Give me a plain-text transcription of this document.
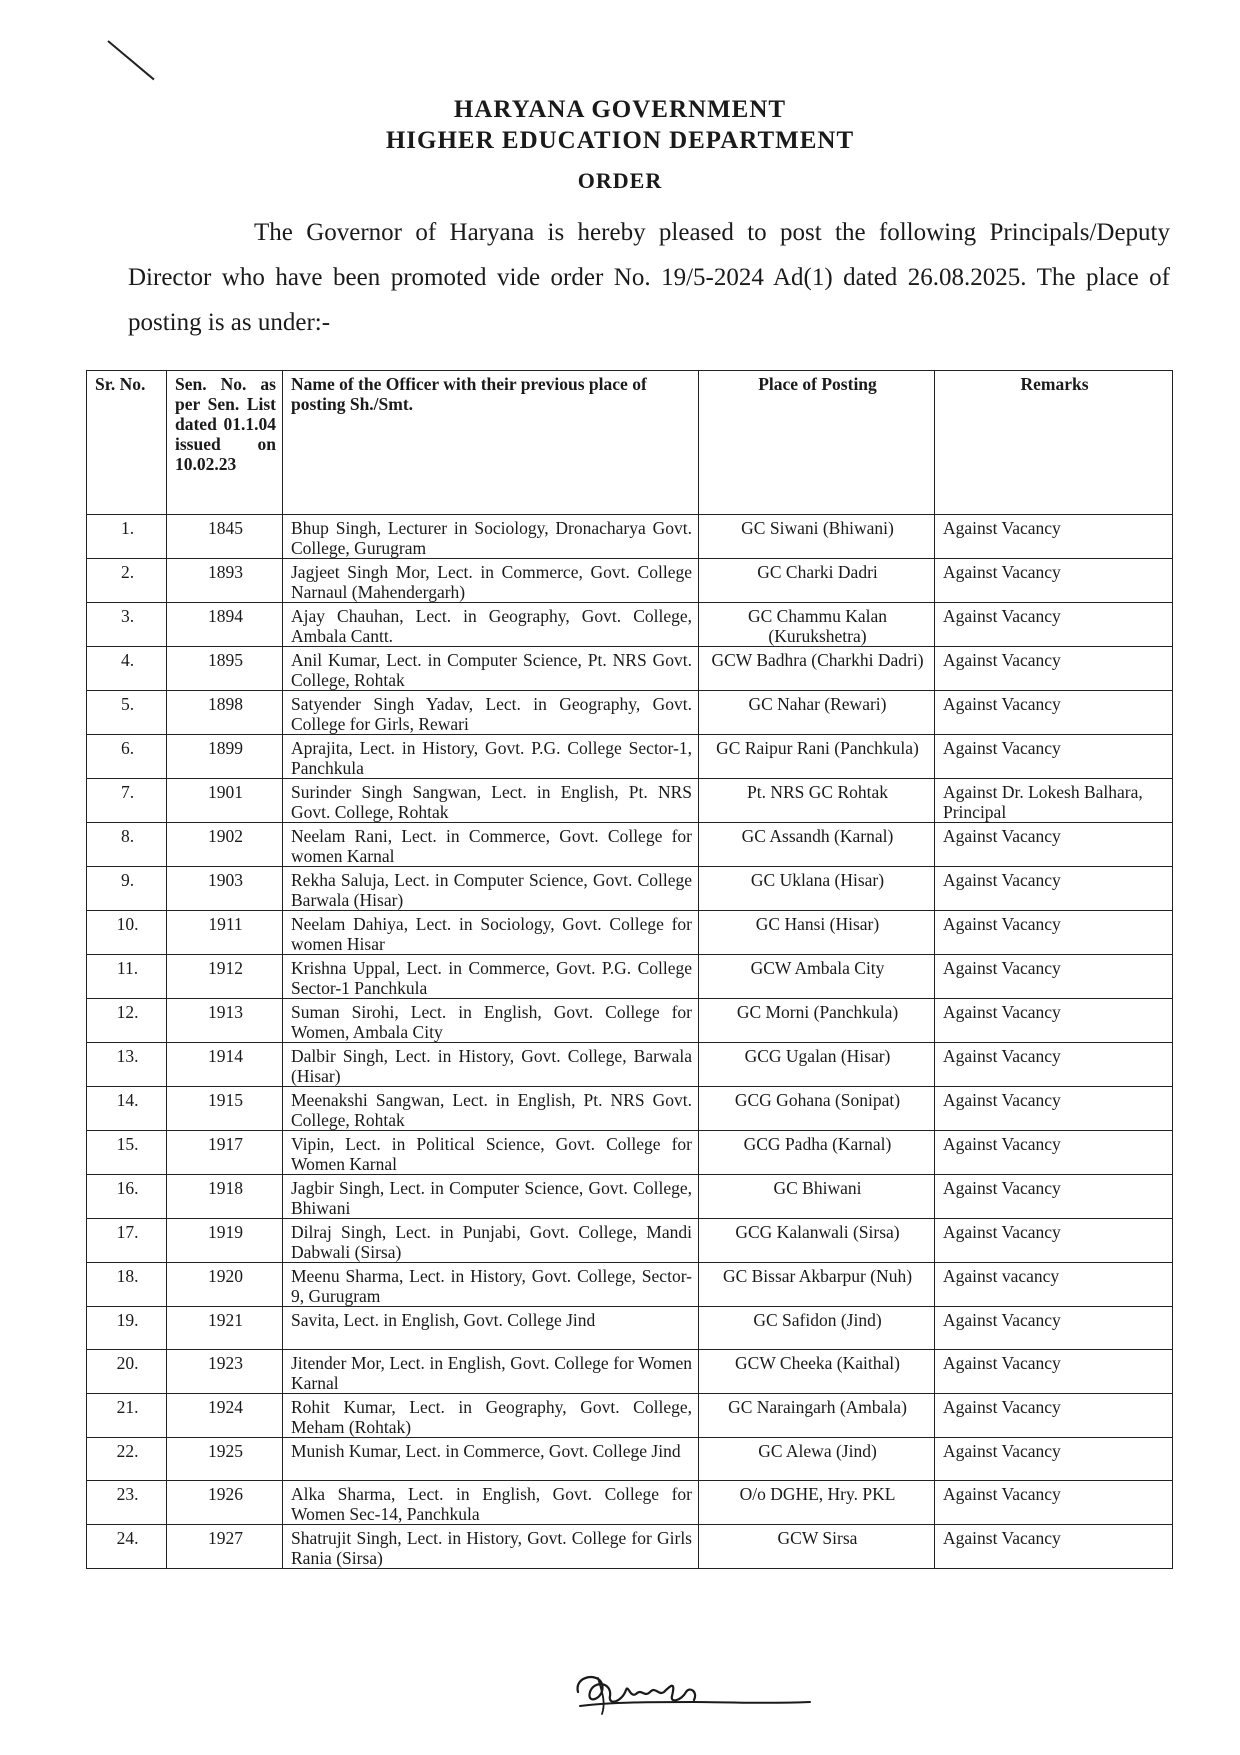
HARYANA GOVERNMENT
HIGHER EDUCATION DEPARTMENT
ORDER
The Governor of Haryana is hereby pleased to post the following Principals/Deputy Director who have been promoted vide order No. 19/5-2024 Ad(1) dated 26.08.2025. The place of posting is as under:-
Sr. No.	Sen. No. as per Sen. List dated 01.1.04 issued on 10.02.23	Name of the Officer with their previous place of posting Sh./Smt.	Place of Posting	Remarks
1.	1845	Bhup Singh, Lecturer in Sociology, Dronacharya Govt. College, Gurugram	GC Siwani (Bhiwani)	Against Vacancy
2.	1893	Jagjeet Singh Mor, Lect. in Commerce, Govt. College Narnaul (Mahendergarh)	GC Charki Dadri	Against Vacancy
3.	1894	Ajay Chauhan, Lect. in Geography, Govt. College, Ambala Cantt.	GC Chammu Kalan (Kurukshetra)	Against Vacancy
4.	1895	Anil Kumar, Lect. in Computer Science, Pt. NRS Govt. College, Rohtak	GCW Badhra (Charkhi Dadri)	Against Vacancy
5.	1898	Satyender Singh Yadav, Lect. in Geography, Govt. College for Girls, Rewari	GC Nahar (Rewari)	Against Vacancy
6.	1899	Aprajita, Lect. in History, Govt. P.G. College Sector-1, Panchkula	GC Raipur Rani (Panchkula)	Against Vacancy
7.	1901	Surinder Singh Sangwan, Lect. in English, Pt. NRS Govt. College, Rohtak	Pt. NRS GC Rohtak	Against Dr. Lokesh Balhara, Principal
8.	1902	Neelam Rani, Lect. in Commerce, Govt. College for women Karnal	GC Assandh (Karnal)	Against Vacancy
9.	1903	Rekha Saluja, Lect. in Computer Science, Govt. College Barwala (Hisar)	GC Uklana (Hisar)	Against Vacancy
10.	1911	Neelam Dahiya, Lect. in Sociology, Govt. College for women Hisar	GC Hansi (Hisar)	Against Vacancy
11.	1912	Krishna Uppal, Lect. in Commerce, Govt. P.G. College Sector-1 Panchkula	GCW Ambala City	Against Vacancy
12.	1913	Suman Sirohi, Lect. in English, Govt. College for Women, Ambala City	GC Morni (Panchkula)	Against Vacancy
13.	1914	Dalbir Singh, Lect. in History, Govt. College, Barwala (Hisar)	GCG Ugalan (Hisar)	Against Vacancy
14.	1915	Meenakshi Sangwan, Lect. in English, Pt. NRS Govt. College, Rohtak	GCG Gohana (Sonipat)	Against Vacancy
15.	1917	Vipin, Lect. in Political Science, Govt. College for Women Karnal	GCG Padha (Karnal)	Against Vacancy
16.	1918	Jagbir Singh, Lect. in Computer Science, Govt. College, Bhiwani	GC Bhiwani	Against Vacancy
17.	1919	Dilraj Singh, Lect. in Punjabi, Govt. College, Mandi Dabwali (Sirsa)	GCG Kalanwali (Sirsa)	Against Vacancy
18.	1920	Meenu Sharma, Lect. in History, Govt. College, Sector-9, Gurugram	GC Bissar Akbarpur (Nuh)	Against vacancy
19.	1921	Savita, Lect. in English, Govt. College Jind	GC Safidon (Jind)	Against Vacancy
20.	1923	Jitender Mor, Lect. in English, Govt. College for Women Karnal	GCW Cheeka (Kaithal)	Against Vacancy
21.	1924	Rohit Kumar, Lect. in Geography, Govt. College, Meham (Rohtak)	GC Naraingarh (Ambala)	Against Vacancy
22.	1925	Munish Kumar, Lect. in Commerce, Govt. College Jind	GC Alewa (Jind)	Against Vacancy
23.	1926	Alka Sharma, Lect. in English, Govt. College for Women Sec-14, Panchkula	O/o DGHE, Hry. PKL	Against Vacancy
24.	1927	Shatrujit Singh, Lect. in History, Govt. College for Girls Rania (Sirsa)	GCW Sirsa	Against Vacancy
